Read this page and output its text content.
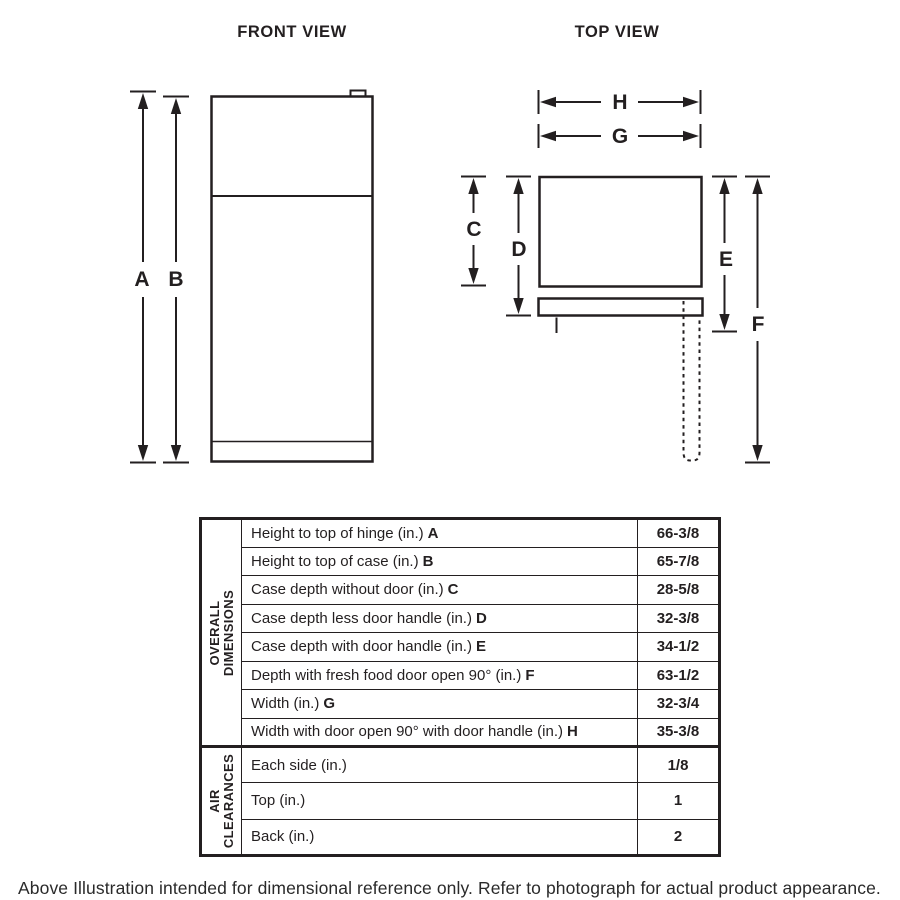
FRONT VIEW
A B
TOP VIEW
H
G
C
D	E
F
OVERALL DIMENSIONS	Height to top of hinge (in.) A	66-3/8
	Height to top of case (in.) B	65-7/8
	Case depth without door (in.) C	28-5/8
	Case depth less door handle (in.) D	32-3/8
	Case depth with door handle (in.) E	34-1/2
	Depth with fresh food door open 90° (in.) F	63-1/2
	Width (in.) G	32-3/4
	Width with door open 90° with door handle (in.) H	35-3/8

AIR CLEARANCES	Each side (in.)	1/8
	Top (in.)	1
	Back (in.)	2
Above Illustration intended for dimensional reference only. Refer to photograph for actual product appearance.
